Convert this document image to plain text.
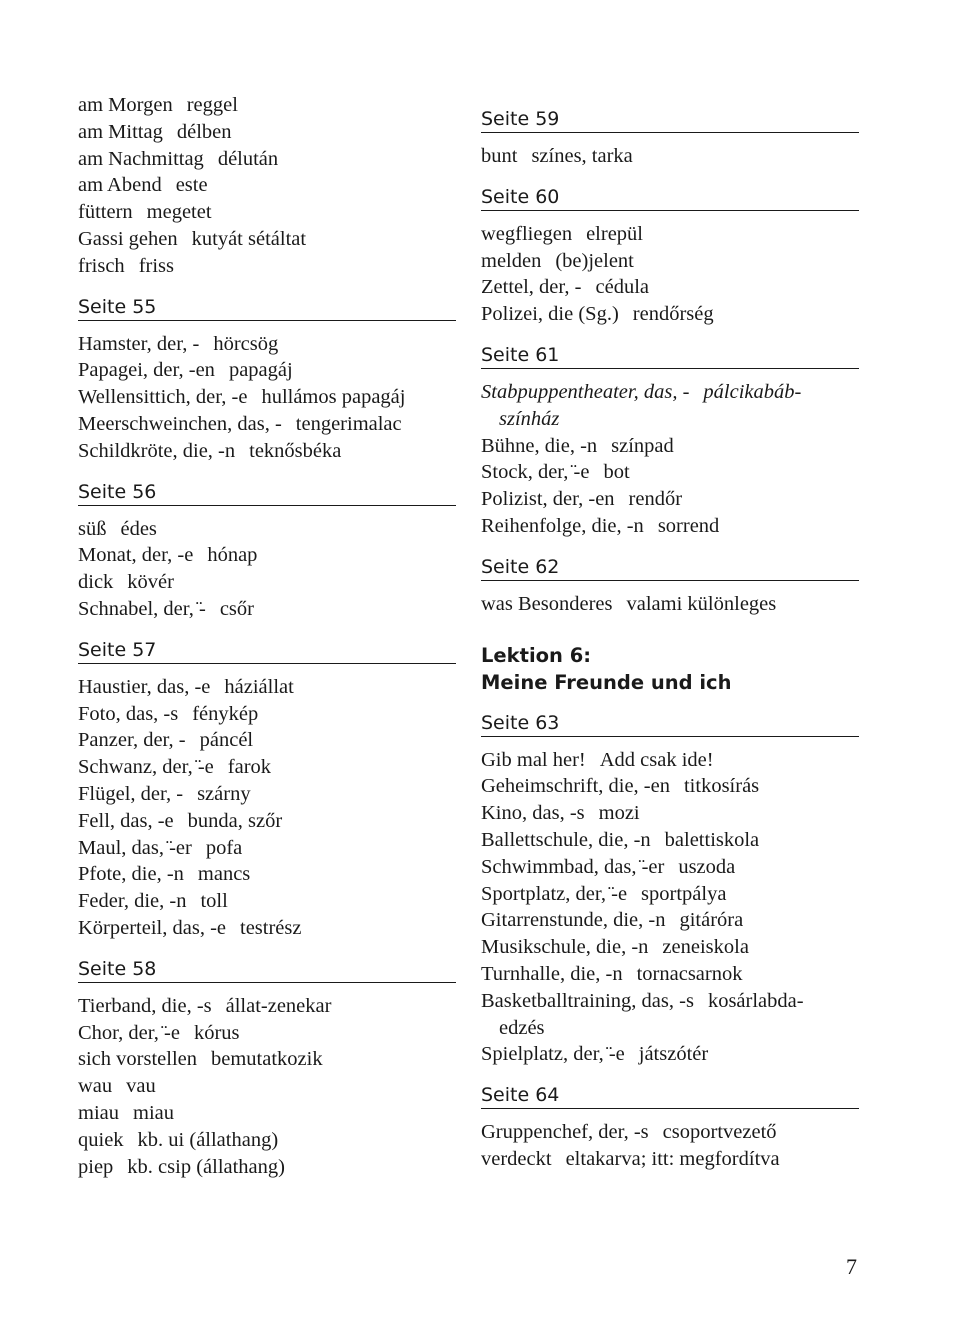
am Morgen reggel
am Mittag délben
am Nachmittag délután
am Abend este
füttern megetet
Gassi gehen kutyát sétáltat
frisch friss
Seite 55
Hamster, der, - hörcsög
Papagei, der, -en papagáj
Wellensittich, der, -e hullámos papagáj
Meerschweinchen, das, - tengerimalac
Schildkröte, die, -n teknősbéka
Seite 56
süß édes
Monat, der, -e hónap
dick kövér
Schnabel, der, ̈- csőr
Seite 57
Haustier, das, -e háziállat
Foto, das, -s fénykép
Panzer, der, - páncél
Schwanz, der, ̈-e farok
Flügel, der, - szárny
Fell, das, -e bunda, szőr
Maul, das, ̈-er pofa
Pfote, die, -n mancs
Feder, die, -n toll
Körperteil, das, -e testrész
Seite 58
Tierband, die, -s állat-zenekar
Chor, der, ̈-e kórus
sich vorstellen bemutatkozik
wau vau
miau miau
quiek kb. ui (állathang)
piep kb. csip (állathang)
Seite 59
bunt színes, tarka
Seite 60
wegfliegen elrepül
melden (be)jelent
Zettel, der, - cédula
Polizei, die (Sg.) rendőrség
Seite 61
Stabpuppentheater, das, - pálcikabáb-
színház
Bühne, die, -n színpad
Stock, der, ̈-e bot
Polizist, der, -en rendőr
Reihenfolge, die, -n sorrend
Seite 62
was Besonderes valami különleges
Lektion 6:
Meine Freunde und ich
Seite 63
Gib mal her! Add csak ide!
Geheimschrift, die, -en titkosírás
Kino, das, -s mozi
Ballettschule, die, -n balettiskola
Schwimmbad, das, ̈-er uszoda
Sportplatz, der, ̈-e sportpálya
Gitarrenstunde, die, -n gitáróra
Musikschule, die, -n zeneiskola
Turnhalle, die, -n tornacsarnok
Basketballtraining, das, -s kosárlabda-
edzés
Spielplatz, der, ̈-e játszótér
Seite 64
Gruppenchef, der, -s csoportvezető
verdeckt eltakarva; itt: megfordítva
7
